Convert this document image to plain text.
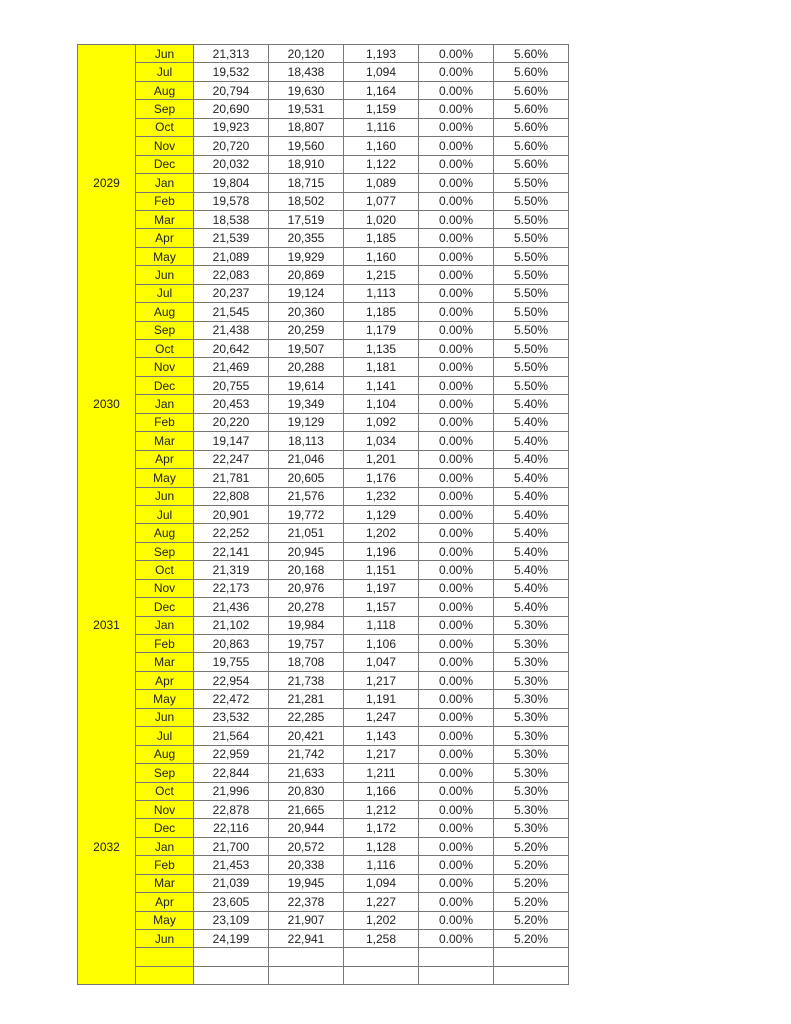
	Jun	21,313	20,120	1,193	0.00%	5.60%
	Jul	19,532	18,438	1,094	0.00%	5.60%
	Aug	20,794	19,630	1,164	0.00%	5.60%
	Sep	20,690	19,531	1,159	0.00%	5.60%
	Oct	19,923	18,807	1,116	0.00%	5.60%
	Nov	20,720	19,560	1,160	0.00%	5.60%
	Dec	20,032	18,910	1,122	0.00%	5.60%
2029	Jan	19,804	18,715	1,089	0.00%	5.50%
	Feb	19,578	18,502	1,077	0.00%	5.50%
	Mar	18,538	17,519	1,020	0.00%	5.50%
	Apr	21,539	20,355	1,185	0.00%	5.50%
	May	21,089	19,929	1,160	0.00%	5.50%
	Jun	22,083	20,869	1,215	0.00%	5.50%
	Jul	20,237	19,124	1,113	0.00%	5.50%
	Aug	21,545	20,360	1,185	0.00%	5.50%
	Sep	21,438	20,259	1,179	0.00%	5.50%
	Oct	20,642	19,507	1,135	0.00%	5.50%
	Nov	21,469	20,288	1,181	0.00%	5.50%
	Dec	20,755	19,614	1,141	0.00%	5.50%
2030	Jan	20,453	19,349	1,104	0.00%	5.40%
	Feb	20,220	19,129	1,092	0.00%	5.40%
	Mar	19,147	18,113	1,034	0.00%	5.40%
	Apr	22,247	21,046	1,201	0.00%	5.40%
	May	21,781	20,605	1,176	0.00%	5.40%
	Jun	22,808	21,576	1,232	0.00%	5.40%
	Jul	20,901	19,772	1,129	0.00%	5.40%
	Aug	22,252	21,051	1,202	0.00%	5.40%
	Sep	22,141	20,945	1,196	0.00%	5.40%
	Oct	21,319	20,168	1,151	0.00%	5.40%
	Nov	22,173	20,976	1,197	0.00%	5.40%
	Dec	21,436	20,278	1,157	0.00%	5.40%
2031	Jan	21,102	19,984	1,118	0.00%	5.30%
	Feb	20,863	19,757	1,106	0.00%	5.30%
	Mar	19,755	18,708	1,047	0.00%	5.30%
	Apr	22,954	21,738	1,217	0.00%	5.30%
	May	22,472	21,281	1,191	0.00%	5.30%
	Jun	23,532	22,285	1,247	0.00%	5.30%
	Jul	21,564	20,421	1,143	0.00%	5.30%
	Aug	22,959	21,742	1,217	0.00%	5.30%
	Sep	22,844	21,633	1,211	0.00%	5.30%
	Oct	21,996	20,830	1,166	0.00%	5.30%
	Nov	22,878	21,665	1,212	0.00%	5.30%
	Dec	22,116	20,944	1,172	0.00%	5.30%
2032	Jan	21,700	20,572	1,128	0.00%	5.20%
	Feb	21,453	20,338	1,116	0.00%	5.20%
	Mar	21,039	19,945	1,094	0.00%	5.20%
	Apr	23,605	22,378	1,227	0.00%	5.20%
	May	23,109	21,907	1,202	0.00%	5.20%
	Jun	24,199	22,941	1,258	0.00%	5.20%
